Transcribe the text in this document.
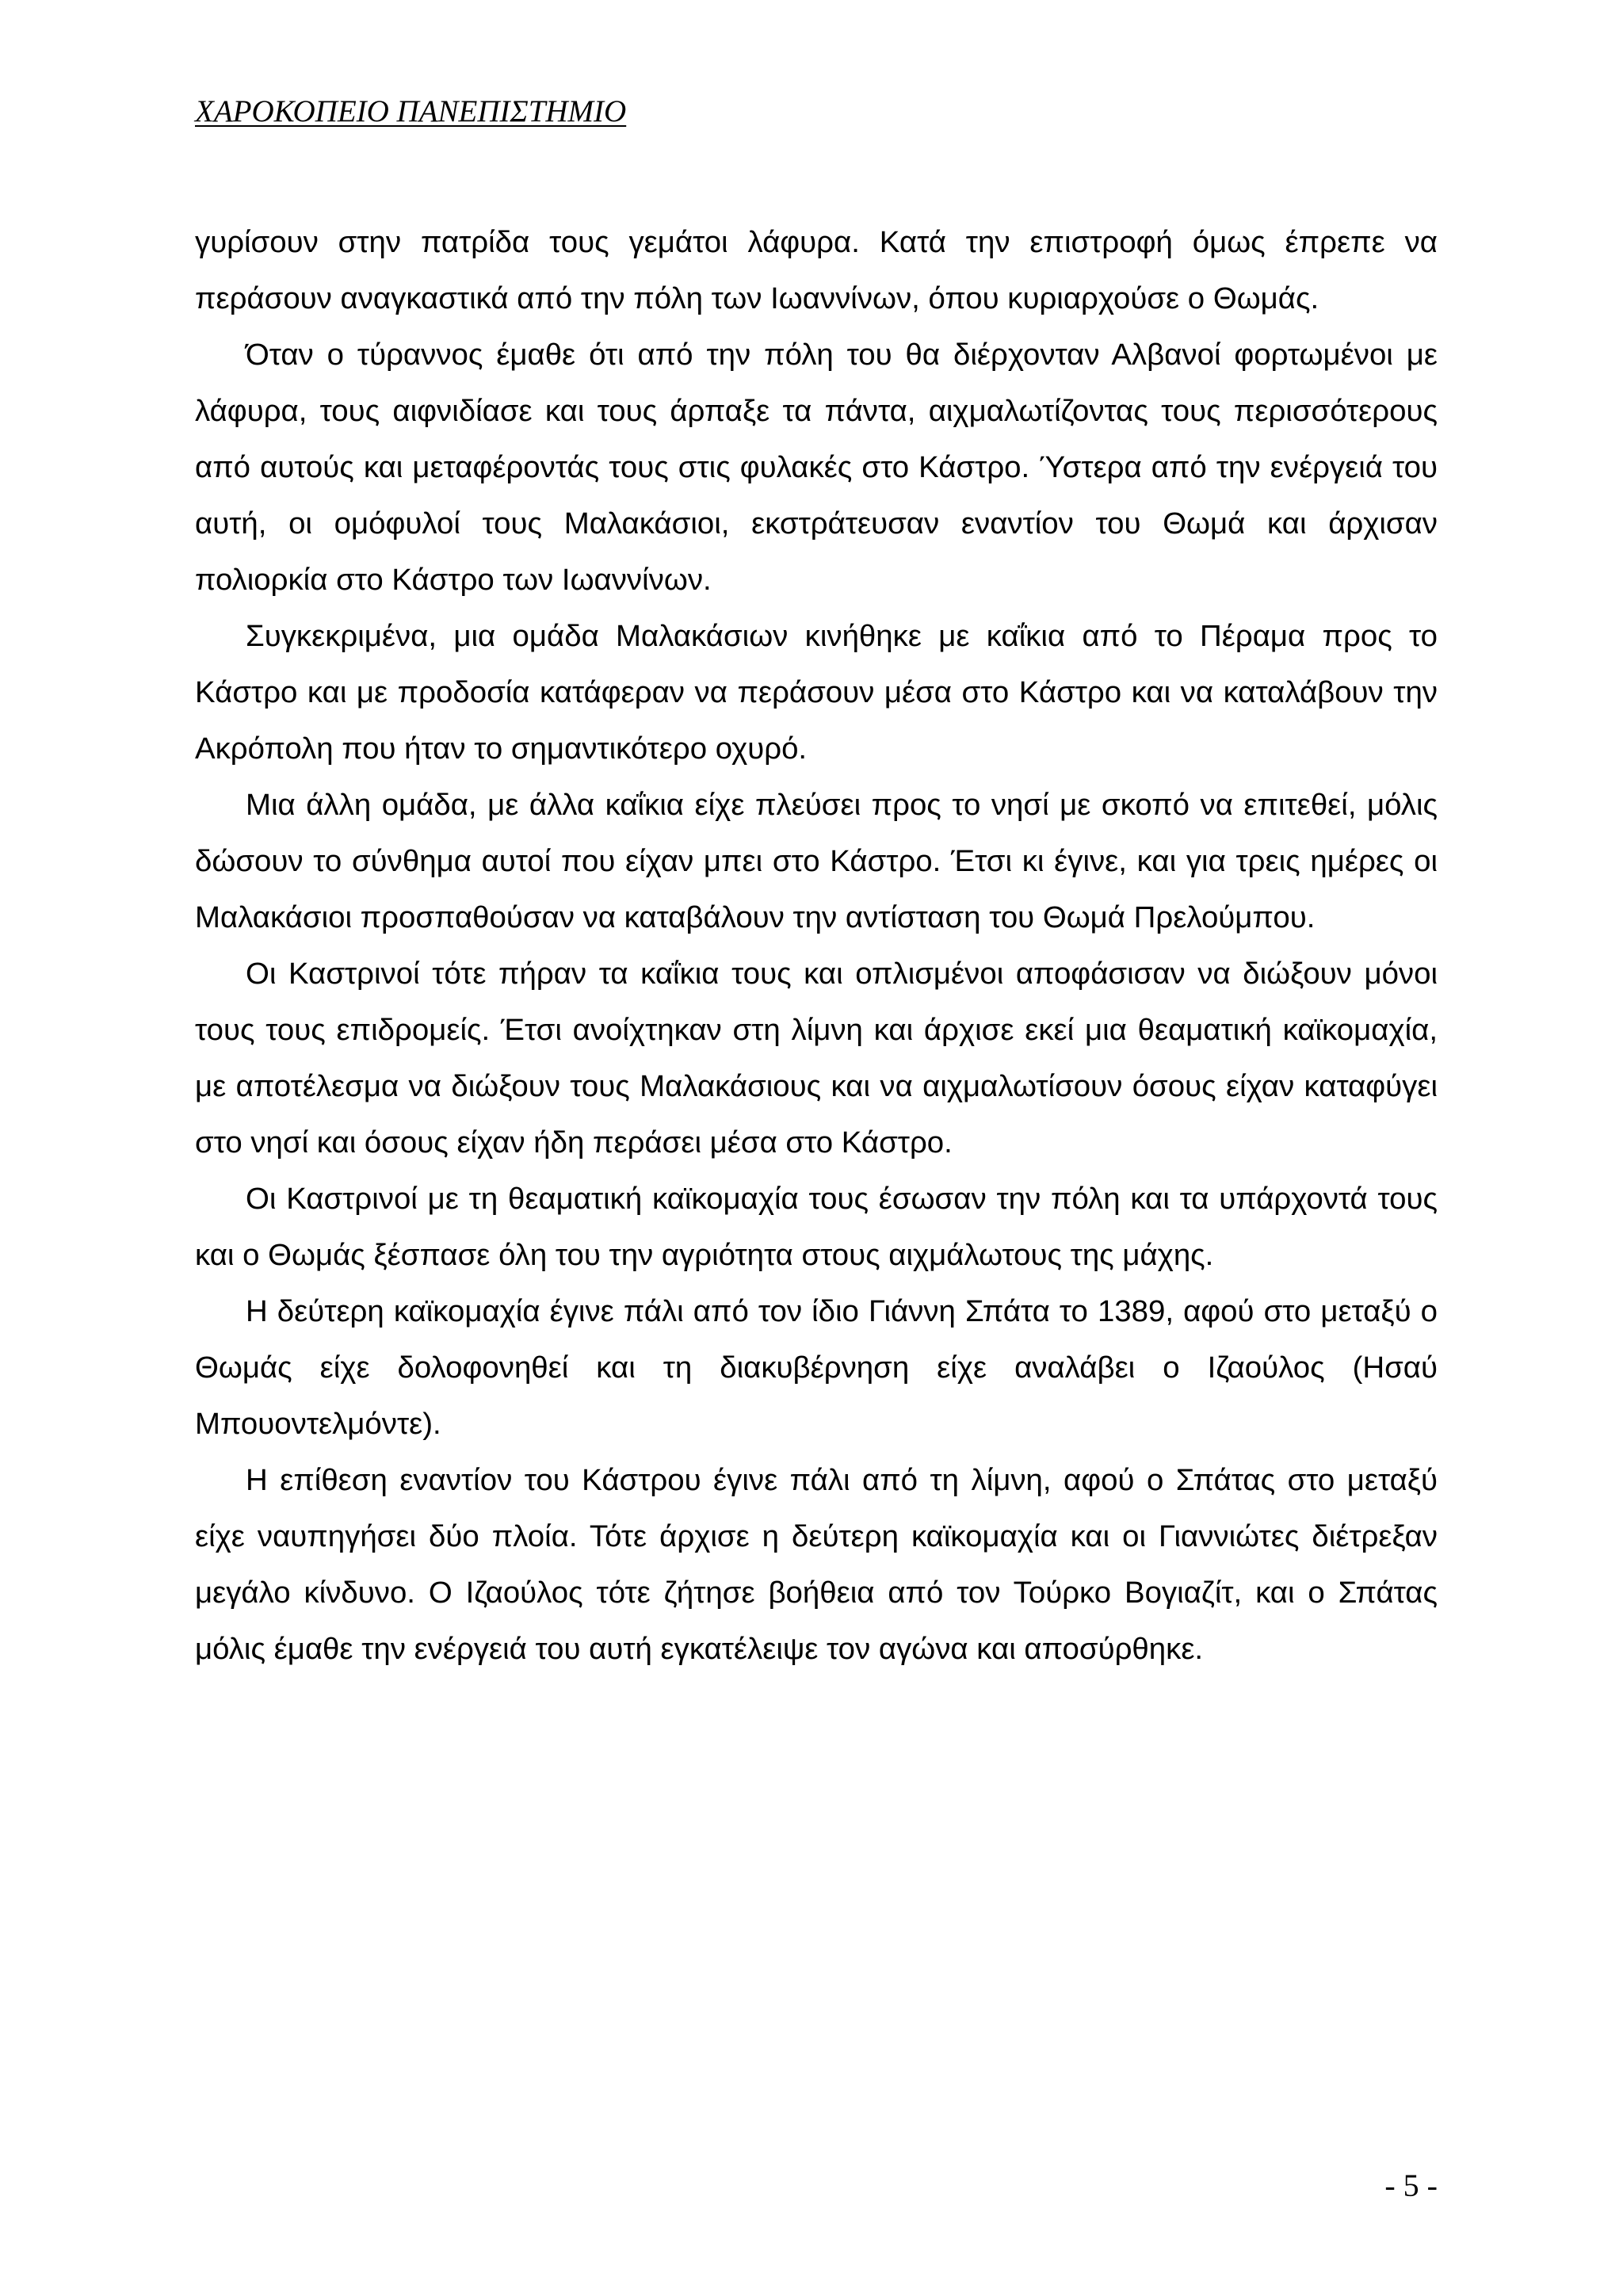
ΧΑΡΟΚΟΠΕΙΟ ΠΑΝΕΠΙΣΤΗΜΙΟ

γυρίσουν στην πατρίδα τους γεμάτοι λάφυρα. Κατά την επιστροφή όμως έπρεπε να περάσουν αναγκαστικά από την πόλη των Ιωαννίνων, όπου κυριαρχούσε ο Θωμάς.

Όταν ο τύραννος έμαθε ότι από την πόλη του θα διέρχονταν Αλβανοί φορτωμένοι με λάφυρα, τους αιφνιδίασε και τους άρπαξε τα πάντα, αιχμαλωτίζοντας τους περισσότερους από αυτούς και μεταφέροντάς τους στις φυλακές στο Κάστρο. Ύστερα από την ενέργειά του αυτή, οι ομόφυλοί τους Μαλακάσιοι, εκστράτευσαν εναντίον του Θωμά και άρχισαν πολιορκία στο Κάστρο των Ιωαννίνων.

Συγκεκριμένα, μια ομάδα Μαλακάσιων κινήθηκε με καΐκια από το Πέραμα προς το Κάστρο και με προδοσία κατάφεραν να περάσουν μέσα στο Κάστρο και να καταλάβουν την Ακρόπολη που ήταν το σημαντικότερο οχυρό.

Μια άλλη ομάδα, με άλλα καΐκια είχε πλεύσει προς το νησί με σκοπό να επιτεθεί, μόλις δώσουν το σύνθημα αυτοί που είχαν μπει στο Κάστρο. Έτσι κι έγινε, και για τρεις ημέρες οι Μαλακάσιοι προσπαθούσαν να καταβάλουν την αντίσταση του Θωμά Πρελούμπου.

Οι Καστρινοί τότε πήραν τα καΐκια τους και οπλισμένοι αποφάσισαν να διώξουν μόνοι τους τους επιδρομείς. Έτσι ανοίχτηκαν στη λίμνη και άρχισε εκεί μια θεαματική καϊκομαχία, με αποτέλεσμα να διώξουν τους Μαλακάσιους και να αιχμαλωτίσουν όσους είχαν καταφύγει στο νησί και όσους είχαν ήδη περάσει μέσα στο Κάστρο.

Οι Καστρινοί με τη θεαματική καϊκομαχία τους έσωσαν την πόλη και τα υπάρχοντά τους και ο Θωμάς ξέσπασε όλη του την αγριότητα στους αιχμάλωτους της μάχης.

Η δεύτερη καϊκομαχία έγινε πάλι από τον ίδιο Γιάννη Σπάτα το 1389, αφού στο μεταξύ ο Θωμάς είχε δολοφονηθεί και τη διακυβέρνηση είχε αναλάβει ο Ιζαούλος (Ησαύ Μπουοντελμόντε).

Η επίθεση εναντίον του Κάστρου έγινε πάλι από τη λίμνη, αφού ο Σπάτας στο μεταξύ είχε ναυπηγήσει δύο πλοία. Τότε άρχισε η δεύτερη καϊκομαχία και οι Γιαννιώτες διέτρεξαν μεγάλο κίνδυνο. Ο Ιζαούλος τότε ζήτησε βοήθεια από τον Τούρκο Βογιαζίτ, και ο Σπάτας μόλις έμαθε την ενέργειά του αυτή εγκατέλειψε τον αγώνα και αποσύρθηκε.

- 5 -
